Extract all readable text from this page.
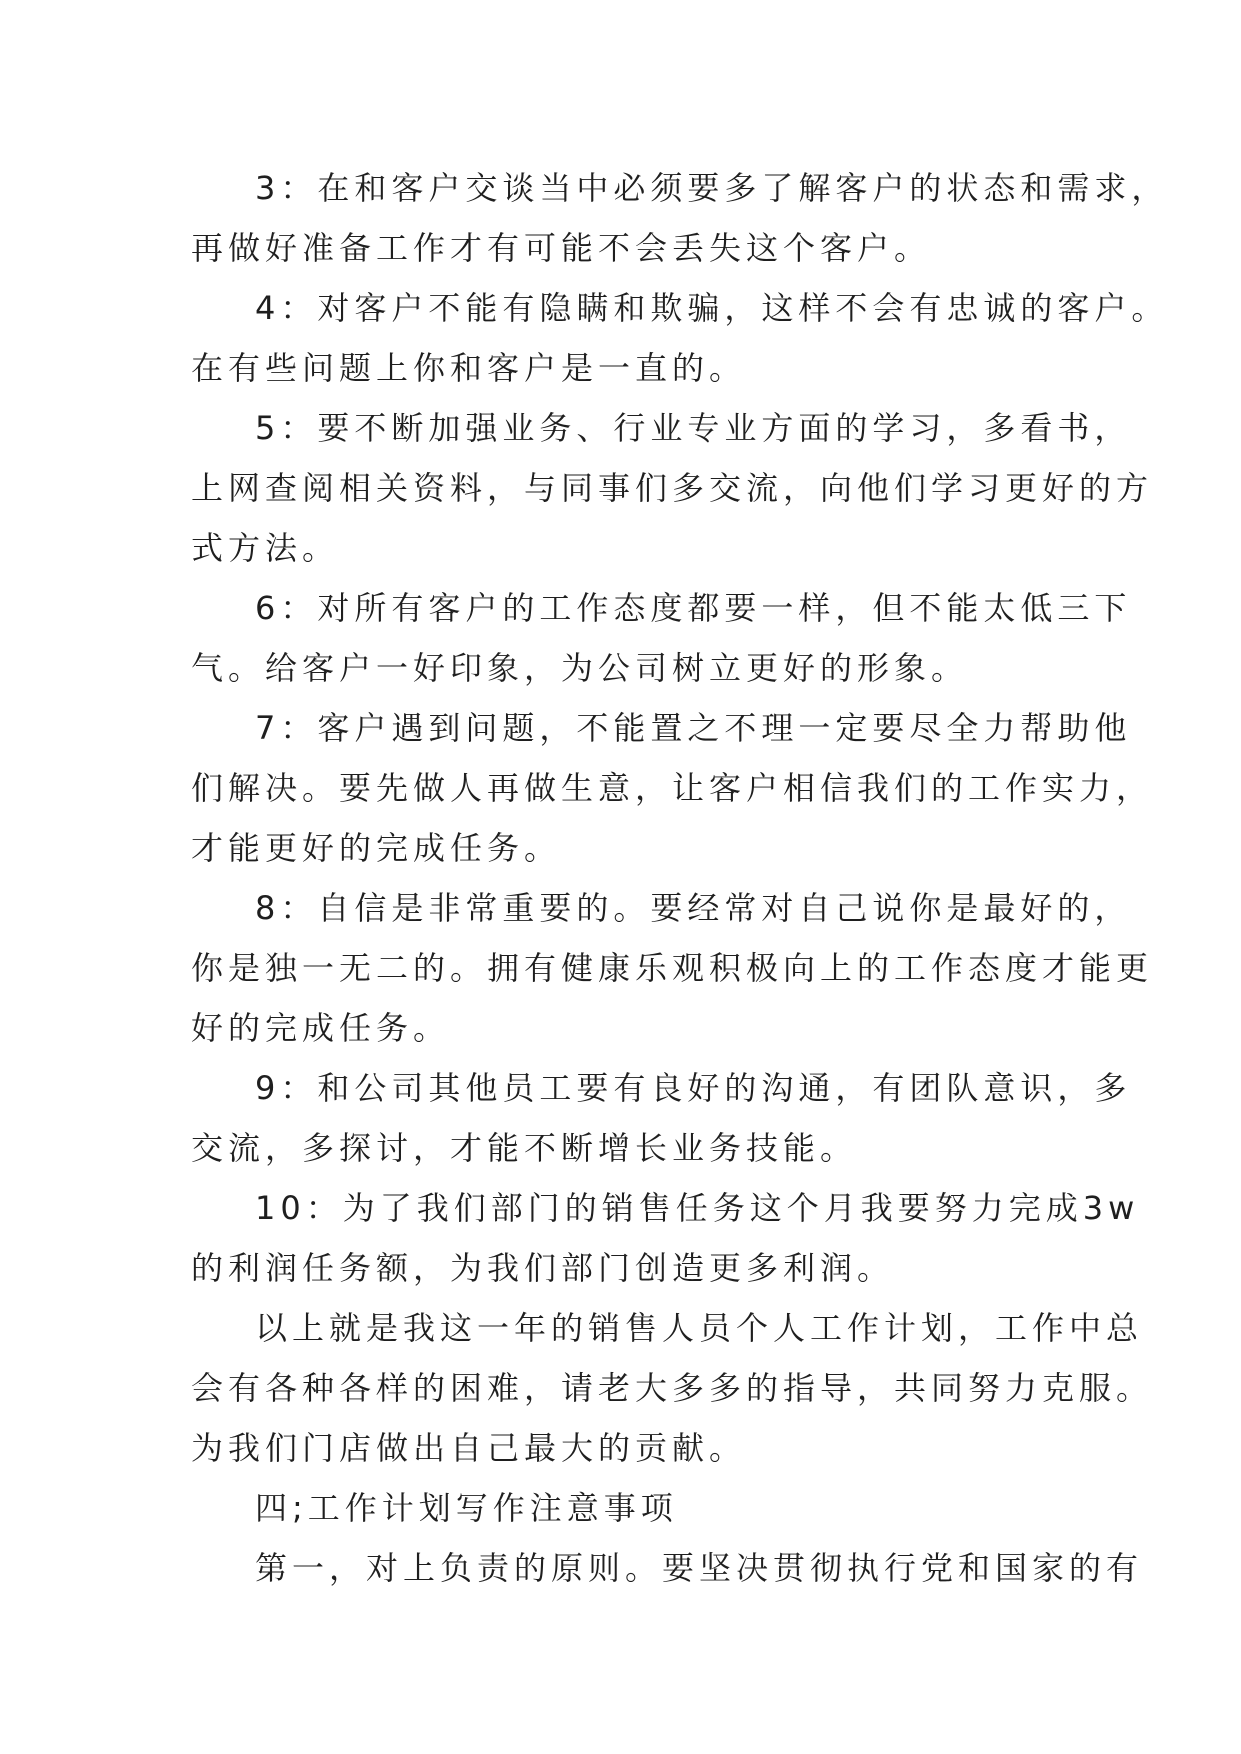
3：在和客户交谈当中必须要多了解客户的状态和需求，
再做好准备工作才有可能不会丢失这个客户。
4：对客户不能有隐瞒和欺骗，这样不会有忠诚的客户。
在有些问题上你和客户是一直的。
5：要不断加强业务、行业专业方面的学习，多看书，
上网查阅相关资料，与同事们多交流，向他们学习更好的方
式方法。
6：对所有客户的工作态度都要一样，但不能太低三下
气。给客户一好印象，为公司树立更好的形象。
7：客户遇到问题，不能置之不理一定要尽全力帮助他
们解决。要先做人再做生意，让客户相信我们的工作实力，
才能更好的完成任务。
8：自信是非常重要的。要经常对自己说你是最好的，
你是独一无二的。拥有健康乐观积极向上的工作态度才能更
好的完成任务。
9：和公司其他员工要有良好的沟通，有团队意识，多
交流，多探讨，才能不断增长业务技能。
10：为了我们部门的销售任务这个月我要努力完成3w
的利润任务额，为我们部门创造更多利润。
以上就是我这一年的销售人员个人工作计划，工作中总
会有各种各样的困难，请老大多多的指导，共同努力克服。
为我们门店做出自己最大的贡献。
四;工作计划写作注意事项
第一，对上负责的原则。要坚决贯彻执行党和国家的有
